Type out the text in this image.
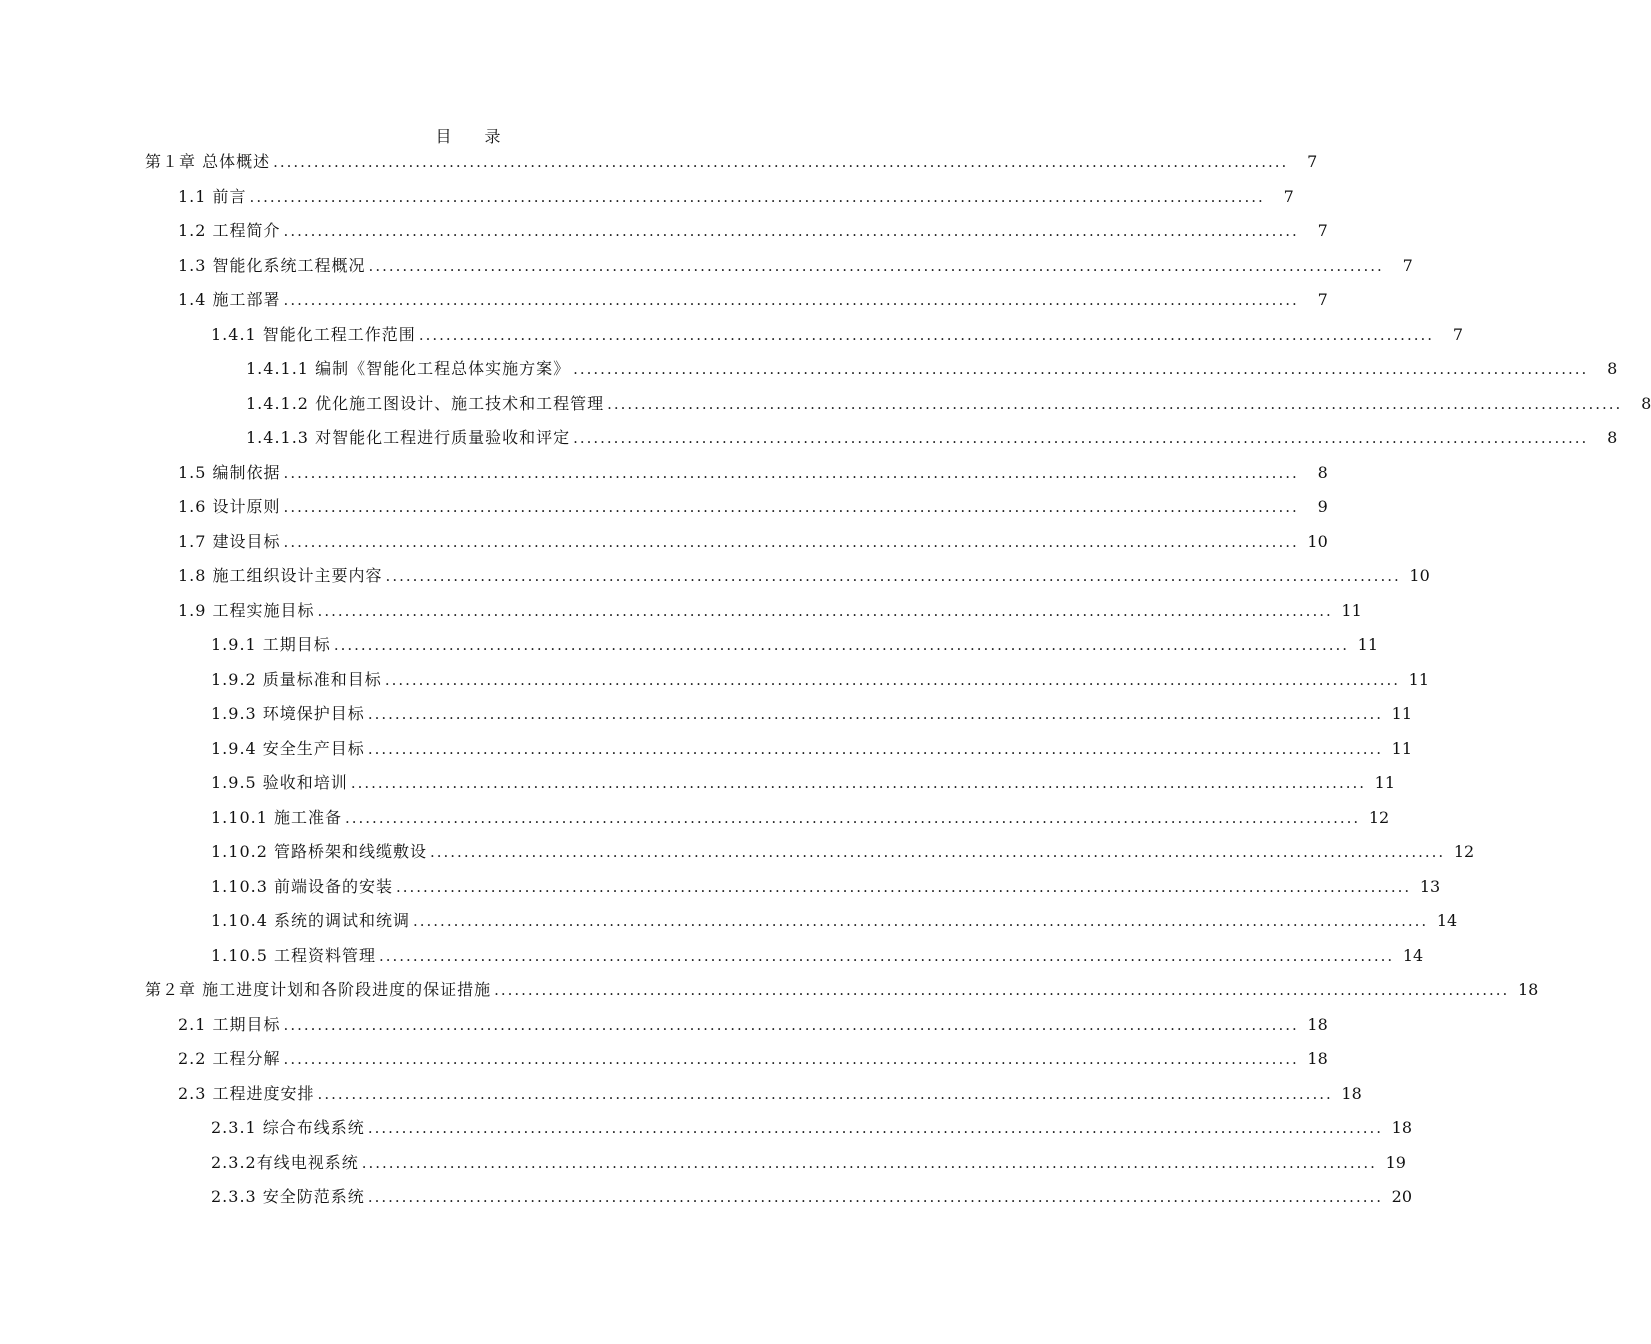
目 录
第１章 总体概述 ......................................................................................................................................................	7
1.1 前言 ......................................................................................................................................................	7
1.2 工程简介 ......................................................................................................................................................	7
1.3 智能化系统工程概况 ......................................................................................................................................................	7
1.4 施工部署 ......................................................................................................................................................	7
1.4.1 智能化工程工作范围 ......................................................................................................................................................	7
1.4.1.1 编制《智能化工程总体实施方案》 ......................................................................................................................................................	8
1.4.1.2 优化施工图设计、施工技术和工程管理 ......................................................................................................................................................	8
1.4.1.3 对智能化工程进行质量验收和评定 ......................................................................................................................................................	8
1.5 编制依据 ......................................................................................................................................................	8
1.6 设计原则 ......................................................................................................................................................	9
1.7 建设目标 ...................................................................................................................................................... 10
1.8 施工组织设计主要内容 ...................................................................................................................................................... 10
1.9 工程实施目标 ...................................................................................................................................................... 11
1.9.1 工期目标 ...................................................................................................................................................... 11
1.9.2 质量标准和目标 ...................................................................................................................................................... 11
1.9.3 环境保护目标 ...................................................................................................................................................... 11
1.9.4 安全生产目标 ...................................................................................................................................................... 11
1.9.5 验收和培训 ...................................................................................................................................................... 11
1.10.1 施工准备 ...................................................................................................................................................... 12
1.10.2 管路桥架和线缆敷设 ...................................................................................................................................................... 12
1.10.3 前端设备的安装 ...................................................................................................................................................... 13
1.10.4 系统的调试和统调 ...................................................................................................................................................... 14
1.10.5 工程资料管理 ...................................................................................................................................................... 14
第２章 施工进度计划和各阶段进度的保证措施 ...................................................................................................................................................... 18
2.1 工期目标 ...................................................................................................................................................... 18
2.2 工程分解 ...................................................................................................................................................... 18
2.3 工程进度安排 ...................................................................................................................................................... 18
2.3.1 综合布线系统 ...................................................................................................................................................... 18
2.3.2有线电视系统 ...................................................................................................................................................... 19
2.3.3 安全防范系统 ...................................................................................................................................................... 20
